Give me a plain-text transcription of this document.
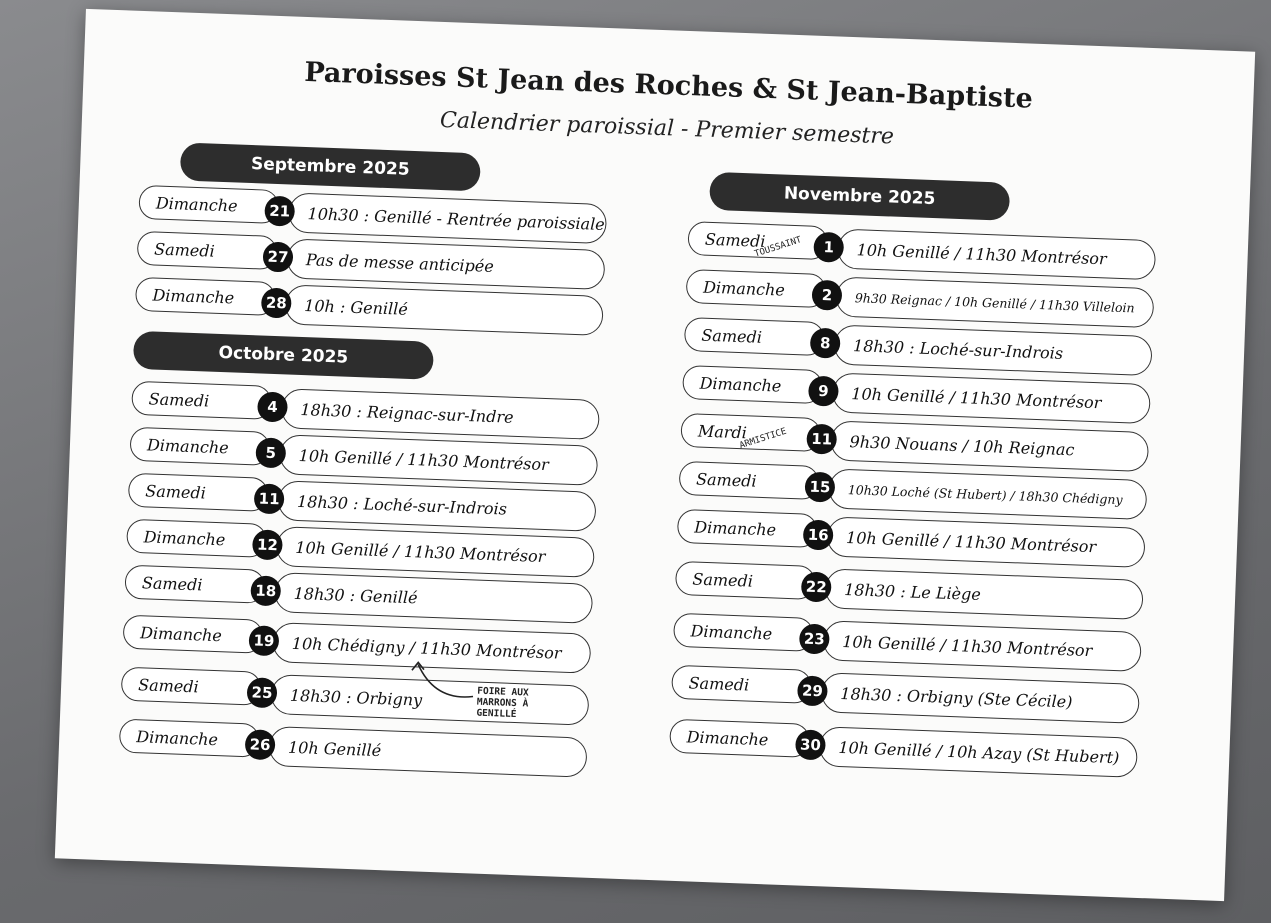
Paroisses St Jean des Roches & St Jean-Baptiste
Calendrier paroissial - Premier semestre
Septembre 2025
Dimanche	21	10h30 : Genillé - Rentrée paroissiale
Samedi	27	Pas de messe anticipée
Dimanche	28	10h : Genillé
Octobre 2025
Samedi	4	18h30 : Reignac-sur-Indre
Dimanche	5	10h Genillé / 11h30 Montrésor
Samedi	11	18h30 : Loché-sur-Indrois
Dimanche	12	10h Genillé / 11h30 Montrésor
Samedi	18	18h30 : Genillé
Dimanche	19	10h Chédigny / 11h30 Montrésor
Samedi	25	18h30 : Orbigny
Dimanche	26	10h Genillé
FOIRE AUX MARRONS À GENILLÉ
Novembre 2025
Samedi	1	10h Genillé / 11h30 Montrésor
TOUSSAINT
Dimanche	2	9h30 Reignac / 10h Genillé / 11h30 Villeloin
Samedi	8	18h30 : Loché-sur-Indrois
Dimanche	9	10h Genillé / 11h30 Montrésor
Mardi	11	9h30 Nouans / 10h Reignac
ARMISTICE
Samedi	15	10h30 Loché (St Hubert) / 18h30 Chédigny
Dimanche	16	10h Genillé / 11h30 Montrésor
Samedi	22	18h30 : Le Liège
Dimanche	23	10h Genillé / 11h30 Montrésor
Samedi	29	18h30 : Orbigny (Ste Cécile)
Dimanche	30	10h Genillé / 10h Azay (St Hubert)
